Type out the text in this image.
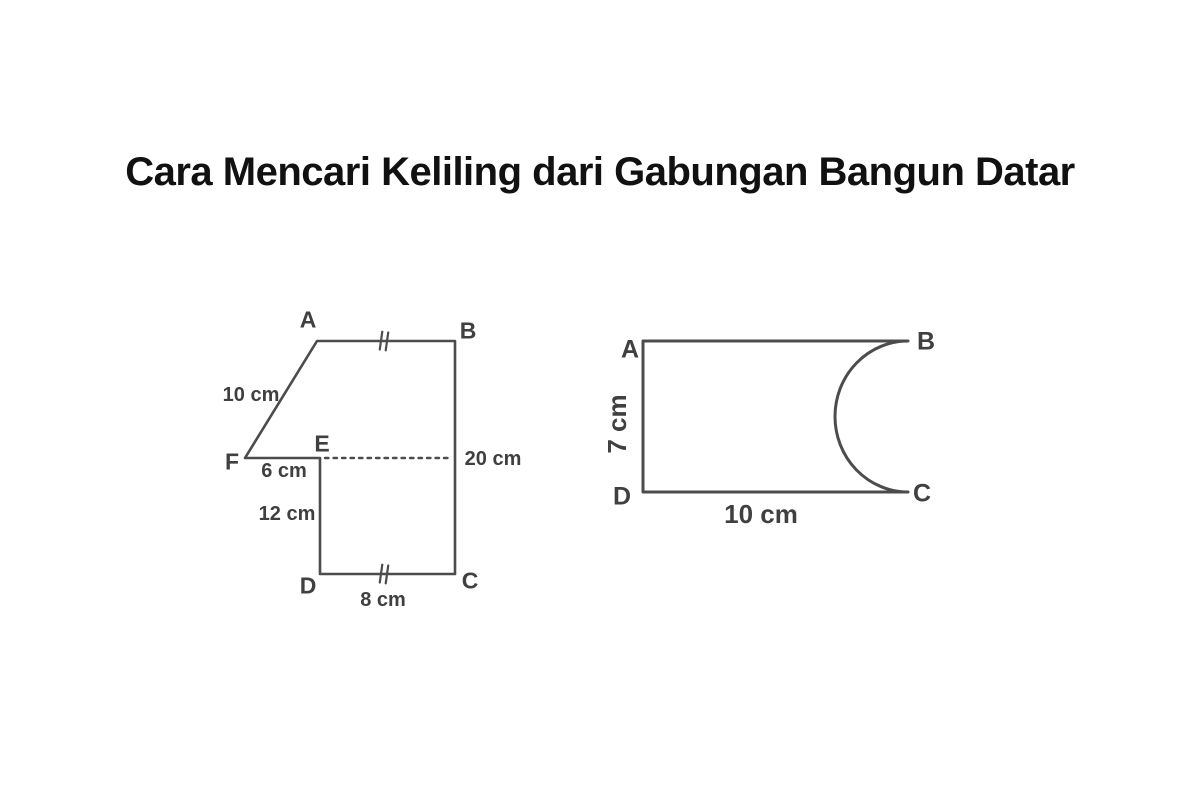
Cara Mencari Keliling dari Gabungan Bangun Datar
A	B
C
D
E
F
10 cm
6 cm
12 cm
8 cm
20 cm
A	B
C
D
7 cm
10 cm
